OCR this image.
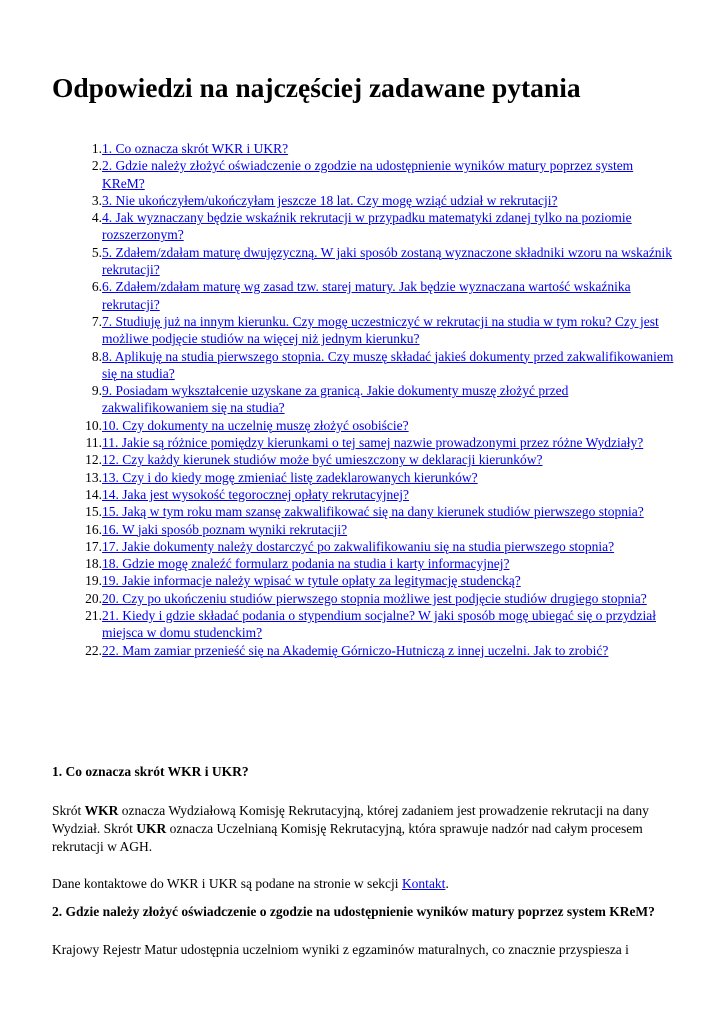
Odpowiedzi na najczęściej zadawane pytania
1. 1. Co oznacza skrót WKR i UKR?
2. 2. Gdzie należy złożyć oświadczenie o zgodzie na udostępnienie wyników matury poprzez system KReM?
3. 3. Nie ukończyłem/ukończyłam jeszcze 18 lat. Czy mogę wziąć udział w rekrutacji?
4. 4. Jak wyznaczany będzie wskaźnik rekrutacji w przypadku matematyki zdanej tylko na poziomie rozszerzonym?
5. 5. Zdałem/zdałam maturę dwujęzyczną. W jaki sposób zostaną wyznaczone składniki wzoru na wskaźnik rekrutacji?
6. 6. Zdałem/zdałam maturę wg zasad tzw. starej matury. Jak będzie wyznaczana wartość wskaźnika rekrutacji?
7. 7. Studiuję już na innym kierunku. Czy mogę uczestniczyć w rekrutacji na studia w tym roku? Czy jest możliwe podjęcie studiów na więcej niż jednym kierunku?
8. 8. Aplikuję na studia pierwszego stopnia. Czy muszę składać jakieś dokumenty przed zakwalifikowaniem się na studia?
9. 9. Posiadam wykształcenie uzyskane za granicą. Jakie dokumenty muszę złożyć przed zakwalifikowaniem się na studia?
10. 10. Czy dokumenty na uczelnię muszę złożyć osobiście?
11. 11. Jakie są różnice pomiędzy kierunkami o tej samej nazwie prowadzonymi przez różne Wydziały?
12. 12. Czy każdy kierunek studiów może być umieszczony w deklaracji kierunków?
13. 13. Czy i do kiedy mogę zmieniać listę zadeklarowanych kierunków?
14. 14. Jaka jest wysokość tegorocznej opłaty rekrutacyjnej?
15. 15. Jaką w tym roku mam szansę zakwalifikować się na dany kierunek studiów pierwszego stopnia?
16. 16. W jaki sposób poznam wyniki rekrutacji?
17. 17. Jakie dokumenty należy dostarczyć po zakwalifikowaniu się na studia pierwszego stopnia?
18. 18. Gdzie mogę znaleźć formularz podania na studia i karty informacyjnej?
19. 19. Jakie informacje należy wpisać w tytule opłaty za legitymację studencką?
20. 20. Czy po ukończeniu studiów pierwszego stopnia możliwe jest podjęcie studiów drugiego stopnia?
21. 21. Kiedy i gdzie składać podania o stypendium socjalne? W jaki sposób mogę ubiegać się o przydział miejsca w domu studenckim?
22. 22. Mam zamiar przenieść się na Akademię Górniczo-Hutniczą z innej uczelni. Jak to zrobić?
1. Co oznacza skrót WKR i UKR?

Skrót WKR oznacza Wydziałową Komisję Rekrutacyjną, której zadaniem jest prowadzenie rekrutacji na dany Wydział. Skrót UKR oznacza Uczelnianą Komisję Rekrutacyjną, która sprawuje nadzór nad całym procesem rekrutacji w AGH.

Dane kontaktowe do WKR i UKR są podane na stronie w sekcji Kontakt.

2. Gdzie należy złożyć oświadczenie o zgodzie na udostępnienie wyników matury poprzez system KReM?

Krajowy Rejestr Matur udostępnia uczelniom wyniki z egzaminów maturalnych, co znacznie przyspiesza i
